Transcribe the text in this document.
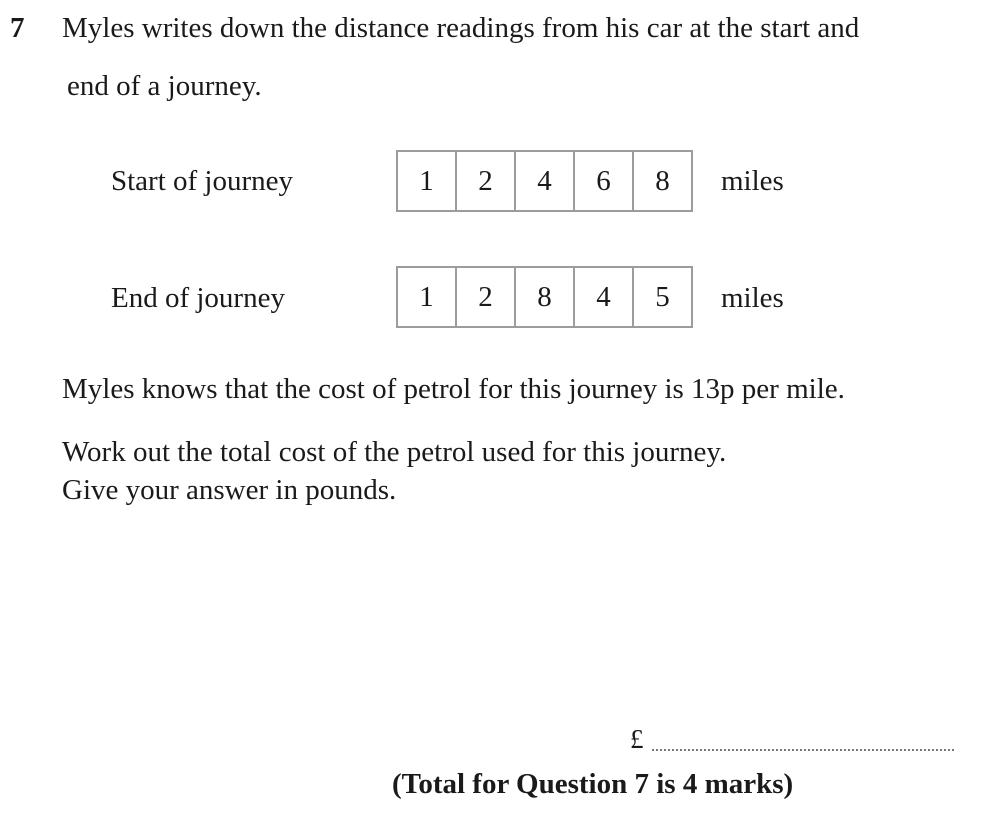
7 Myles writes down the distance readings from his car at the start and
end of a journey.
Start of journey	1	2	4	6	8	miles
End of journey	1	2	8	4	5	miles
Myles knows that the cost of petrol for this journey is 13p per mile.
Work out the total cost of the petrol used for this journey.
Give your answer in pounds.
£
(Total for Question 7 is 4 marks)
